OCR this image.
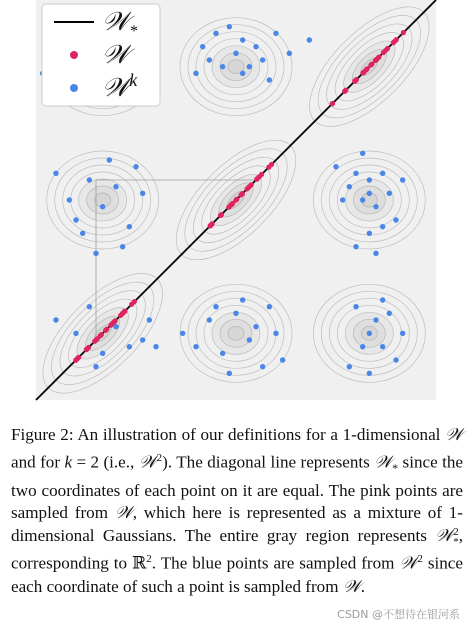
𝒲$_*$
𝒲
𝒲$^k$

Figure 2: An illustration of our definitions for a 1-dimensional 𝒲 and for k = 2 (i.e., 𝒲$^2$). The diagonal line represents 𝒲$_*$ since the two coordinates of each point on it are equal. The pink points are sampled from 𝒲, which here is represented as a mixture of 1-dimensional Gaussians. The entire gray region represents 𝒲 2
* , corresponding to ℝ$^2$. The blue points are sampled from 𝒲$^2$ since each coordinate of such a point is sampled from 𝒲.

CSDN @不想待在银河系
